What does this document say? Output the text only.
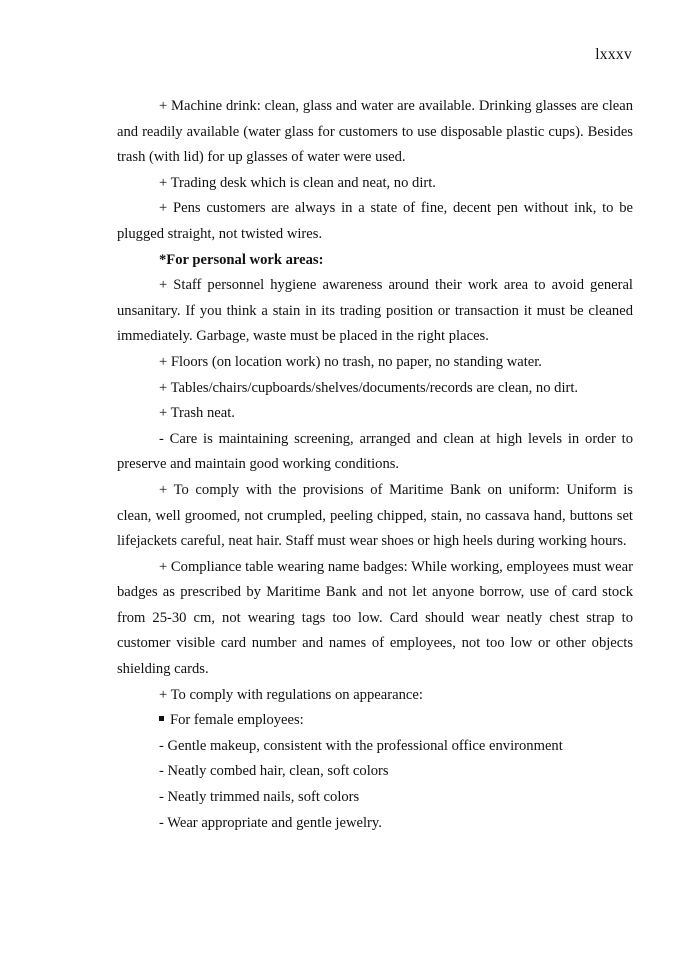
lxxxv

+ Machine drink: clean, glass and water are available. Drinking glasses are clean and readily available (water glass for customers to use disposable plastic cups). Besides trash (with lid) for up glasses of water were used.

+ Trading desk which is clean and neat, no dirt.

+ Pens customers are always in a state of fine, decent pen without ink, to be plugged straight, not twisted wires.

*For personal work areas:

+ Staff personnel hygiene awareness around their work area to avoid general unsanitary. If you think a stain in its trading position or transaction it must be cleaned immediately. Garbage, waste must be placed in the right places.

+ Floors (on location work) no trash, no paper, no standing water.

+ Tables/chairs/cupboards/shelves/documents/records are clean, no dirt.

+ Trash neat.

- Care is maintaining screening, arranged and clean at high levels in order to preserve and maintain good working conditions.

+ To comply with the provisions of Maritime Bank on uniform: Uniform is clean, well groomed, not crumpled, peeling chipped, stain, no cassava hand, buttons set lifejackets careful, neat hair. Staff must wear shoes or high heels during working hours.

+ Compliance table wearing name badges: While working, employees must wear badges as prescribed by Maritime Bank and not let anyone borrow, use of card stock from 25-30 cm, not wearing tags too low. Card should wear neatly chest strap to customer visible card number and names of employees, not too low or other objects shielding cards.

+ To comply with regulations on appearance:

For female employees:

- Gentle makeup, consistent with the professional office environment

- Neatly combed hair, clean, soft colors

- Neatly trimmed nails, soft colors

- Wear appropriate and gentle jewelry.
